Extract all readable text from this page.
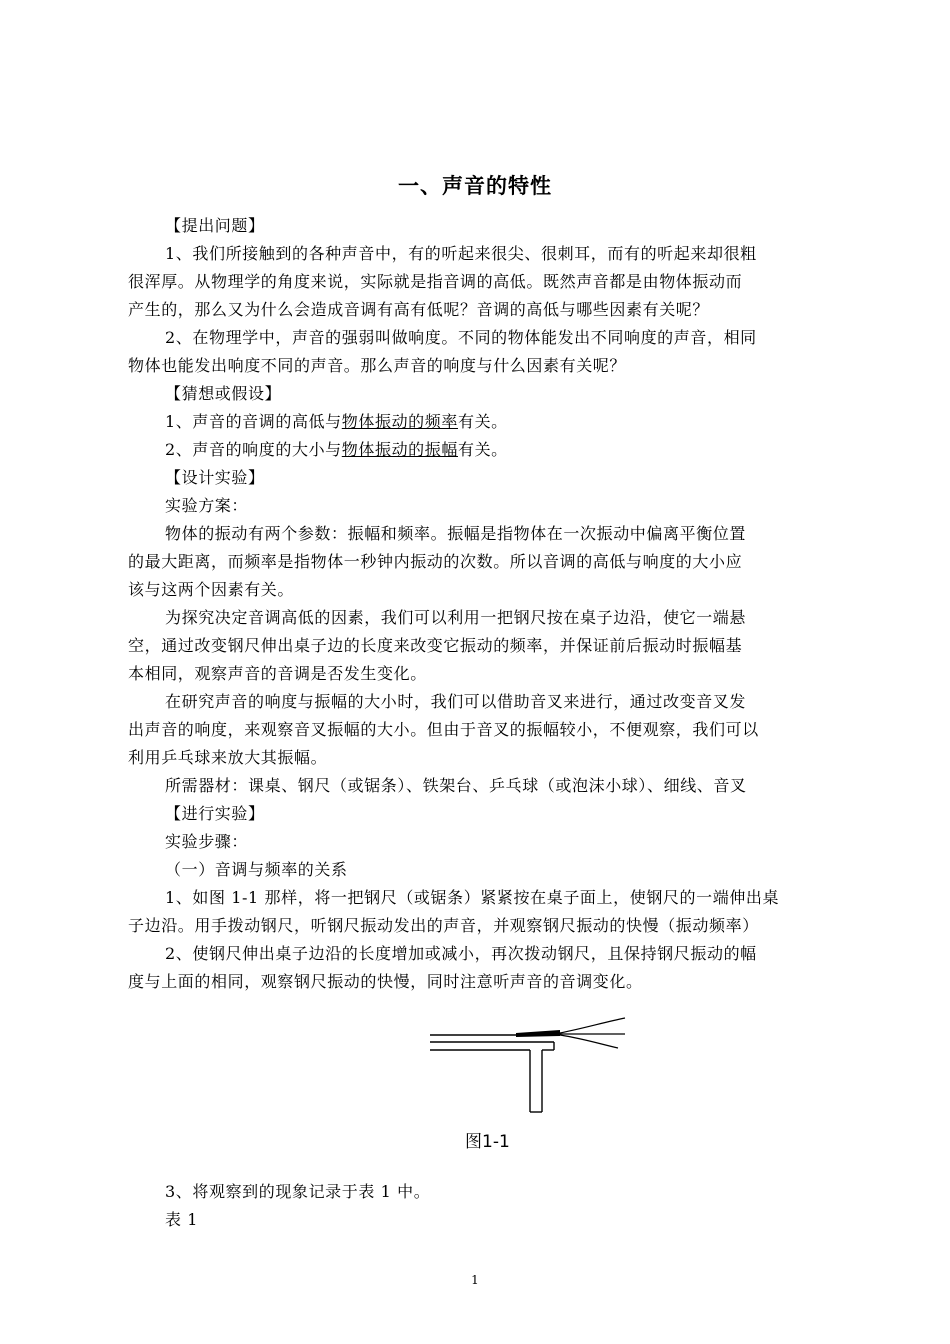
一、声音的特性
【提出问题】
1、我们所接触到的各种声音中，有的听起来很尖、很刺耳，而有的听起来却很粗
很浑厚。从物理学的角度来说，实际就是指音调的高低。既然声音都是由物体振动而
产生的，那么又为什么会造成音调有高有低呢？音调的高低与哪些因素有关呢？
2、在物理学中，声音的强弱叫做响度。不同的物体能发出不同响度的声音，相同
物体也能发出响度不同的声音。那么声音的响度与什么因素有关呢？
【猜想或假设】
1、声音的音调的高低与物体振动的频率有关。
2、声音的响度的大小与物体振动的振幅有关。
【设计实验】
实验方案：
物体的振动有两个参数：振幅和频率。振幅是指物体在一次振动中偏离平衡位置
的最大距离，而频率是指物体一秒钟内振动的次数。所以音调的高低与响度的大小应
该与这两个因素有关。
为探究决定音调高低的因素，我们可以利用一把钢尺按在桌子边沿，使它一端悬
空，通过改变钢尺伸出桌子边的长度来改变它振动的频率，并保证前后振动时振幅基
本相同，观察声音的音调是否发生变化。
在研究声音的响度与振幅的大小时，我们可以借助音叉来进行，通过改变音叉发
出声音的响度，来观察音叉振幅的大小。但由于音叉的振幅较小，不便观察，我们可以
利用乒乓球来放大其振幅。
所需器材：课桌、钢尺（或锯条）、铁架台、乒乓球（或泡沫小球）、细线、音叉
【进行实验】
实验步骤：
（一）音调与频率的关系
1、如图 1-1 那样，将一把钢尺（或锯条）紧紧按在桌子面上，使钢尺的一端伸出桌
子边沿。用手拨动钢尺，听钢尺振动发出的声音，并观察钢尺振动的快慢（振动频率）
2、使钢尺伸出桌子边沿的长度增加或减小，再次拨动钢尺，且保持钢尺振动的幅
度与上面的相同，观察钢尺振动的快慢，同时注意听声音的音调变化。
图1-1
3、将观察到的现象记录于表 1 中。
表 1
1
